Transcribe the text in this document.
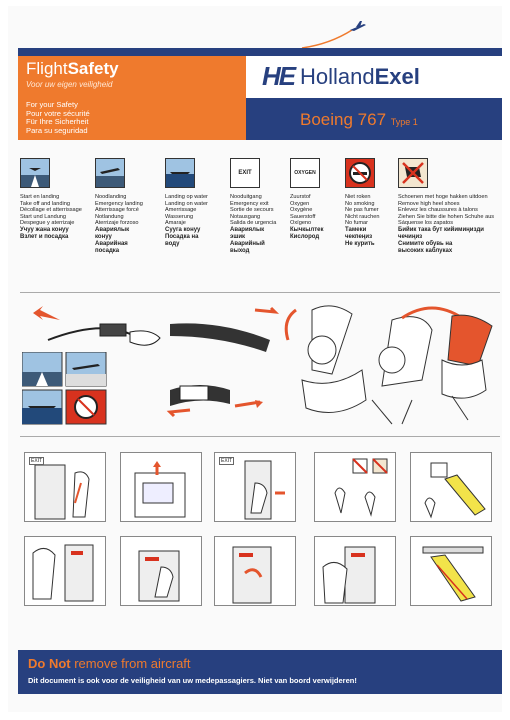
FlightSafety
Voor uw eigen veiligheid	HE HollandExel
For your Safety
Pour votre sécurité
Für Ihre Sicherheit
Para su seguridad
Boeing 767 Type 1
Start en landing
Take off and landing
Décollage et atterrissage
Start und Landung
Despegue y aterrizaje
Учуу жана конуу
Взлет и посадка
Noodlanding
Emergency landing
Atterrissage forcé
Notlandung
Aterrizaje forzoso
Авариялык
конуу
Аварийная
посадка
Landing op water
Landing on water
Amerrissage
Wasserung
Amaraje
Сууга конуу
Посадка на
воду
EXIT
Nooduitgang
Emergency exit
Sortie de secours
Notausgang
Salida de urgencia
Авариялык
эшик
Аварийный
выход
OXYGEN
Zuurstof
Oxygen
Oxygène
Sauerstoff
Oxígeno
Кычкылтек
Кислород
Niet roken
No smoking
Ne pas fumer
Nicht rauchen
No fumar
Тамеки
чекпеңиз
Не курить
Schoenen met hoge hakken uitdoen
Remove high heel shoes
Enlevez les chaussures à talons
Ziehen Sie bitte die hohen Schuhe aus
Sáquense los zapatos
Бийик така бут кийимиңизди
чечиңиз
Снимите обувь на
высоких каблуках
EXIT	EXIT
Do Not remove from aircraft
Dit document is ook voor de veiligheid van uw medepassagiers. Niet van boord verwijderen!
